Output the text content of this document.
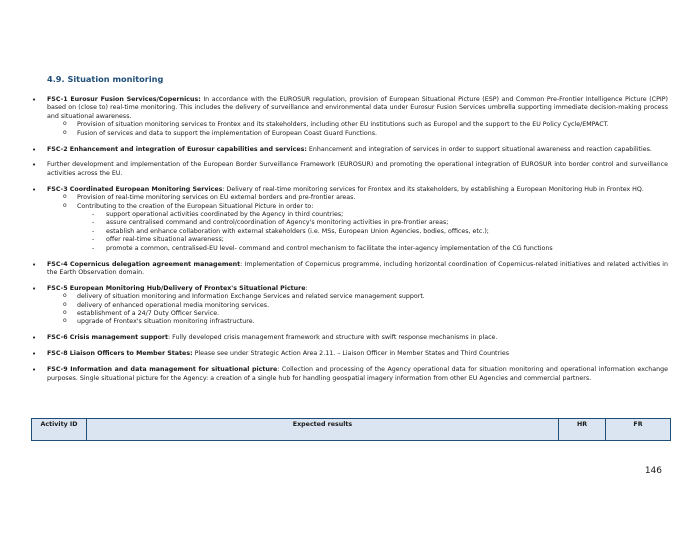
4.9. Situation monitoring
• FSC-1 Eurosur Fusion Services/Copernicus: In accordance with the EUROSUR regulation, provision of European Situational Picture (ESP) and Common Pre-Frontier Intelligence Picture (CPIP) based on (close to) real-time monitoring. This includes the delivery of surveillance and environmental data under Eurosur Fusion Services umbrella supporting immediate decision-making process and situational awareness.
o Provision of situation monitoring services to Frontex and its stakeholders, including other EU institutions such as Europol and the support to the EU Policy Cycle/EMPACT.
o Fusion of services and data to support the implementation of European Coast Guard Functions.
• FSC-2 Enhancement and integration of Eurosur capabilities and services: Enhancement and integration of services in order to support situational awareness and reaction capabilities.
• Further development and implementation of the European Border Surveillance Framework (EUROSUR) and promoting the operational integration of EUROSUR into border control and surveillance activities across the EU.
• FSC-3 Coordinated European Monitoring Services: Delivery of real-time monitoring services for Frontex and its stakeholders, by establishing a European Monitoring Hub in Frontex HQ.
o Provision of real-time monitoring services on EU external borders and pre-frontier areas.
o Contributing to the creation of the European Situational Picture in order to:
- support operational activities coordinated by the Agency in third countries;
- assure centralised command and control/coordination of Agency's monitoring activities in pre-frontier areas;
- establish and enhance collaboration with external stakeholders (i.e. MSs, European Union Agencies, bodies, offices, etc.);
- offer real-time situational awareness;
- promote a common, centralised-EU level- command and control mechanism to facilitate the inter-agency implementation of the CG functions
• FSC-4 Copernicus delegation agreement management: Implementation of Copernicus programme, including horizontal coordination of Copernicus-related initiatives and related activities in the Earth Observation domain.
• FSC-5 European Monitoring Hub/Delivery of Frontex's Situational Picture:
o delivery of situation monitoring and Information Exchange Services and related service management support.
o delivery of enhanced operational media monitoring services.
o establishment of a 24/7 Duty Officer Service.
o upgrade of Frontex's situation monitoring infrastructure.
• FSC-6 Crisis management support: Fully developed crisis management framework and structure with swift response mechanisms in place.
• FSC-8 Liaison Officers to Member States: Please see under Strategic Action Area 2.11. – Liaison Officer in Member States and Third Countries
• FSC-9 Information and data management for situational picture: Collection and processing of the Agency operational data for situation monitoring and operational information exchange purposes. Single situational picture for the Agency: a creation of a single hub for handling geospatial imagery information from other EU Agencies and commercial partners.
Activity ID	Expected results	HR	FR
146
